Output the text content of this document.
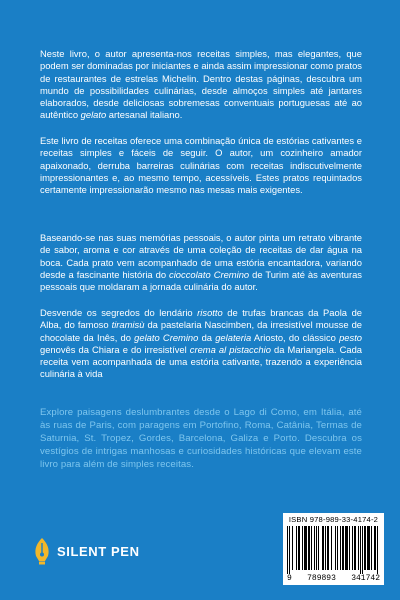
Neste livro, o autor apresenta-nos receitas simples, mas elegantes, que podem ser dominadas por iniciantes e ainda assim impressionar como pratos de restaurantes de estrelas Michelin. Dentro destas páginas, descubra um mundo de possibilidades culinárias, desde almoços simples até jantares elaborados, desde deliciosas sobremesas conventuais portuguesas até ao autêntico gelato artesanal italiano.

Este livro de receitas oferece uma combinação única de estórias cativantes e receitas simples e fáceis de seguir. O autor, um cozinheiro amador apaixonado, derruba barreiras culinárias com receitas indiscutivelmente impressionantes e, ao mesmo tempo, acessíveis. Estes pratos requintados certamente impressionarão mesmo nas mesas mais exigentes.

Baseando-se nas suas memórias pessoais, o autor pinta um retrato vibrante de sabor, aroma e cor através de uma coleção de receitas de dar água na boca. Cada prato vem acompanhado de uma estória encantadora, variando desde a fascinante história do cioccolato Cremino de Turim até às aventuras pessoais que moldaram a jornada culinária do autor.

Desvende os segredos do lendário risotto de trufas brancas da Paola de Alba, do famoso tiramisù da pastelaria Nascimben, da irresistível mousse de chocolate da Inês, do gelato Cremino da gelateria Ariosto, do clássico pesto genovês da Chiara e do irresistível crema al pistacchio da Mariangela. Cada receita vem acompanhada de uma estória cativante, trazendo a experiência culinária à vida

Explore paisagens deslumbrantes desde o Lago di Como, em Itália, até às ruas de Paris, com paragens em Portofino, Roma, Catânia, Termas de Saturnia, St. Tropez, Gordes, Barcelona, Galiza e Porto. Descubra os vestígios de intrigas manhosas e curiosidades históricas que elevam este livro para além de simples receitas.

SILENT PEN
ISBN 978-989-33-4174-2
9 789893 341742
